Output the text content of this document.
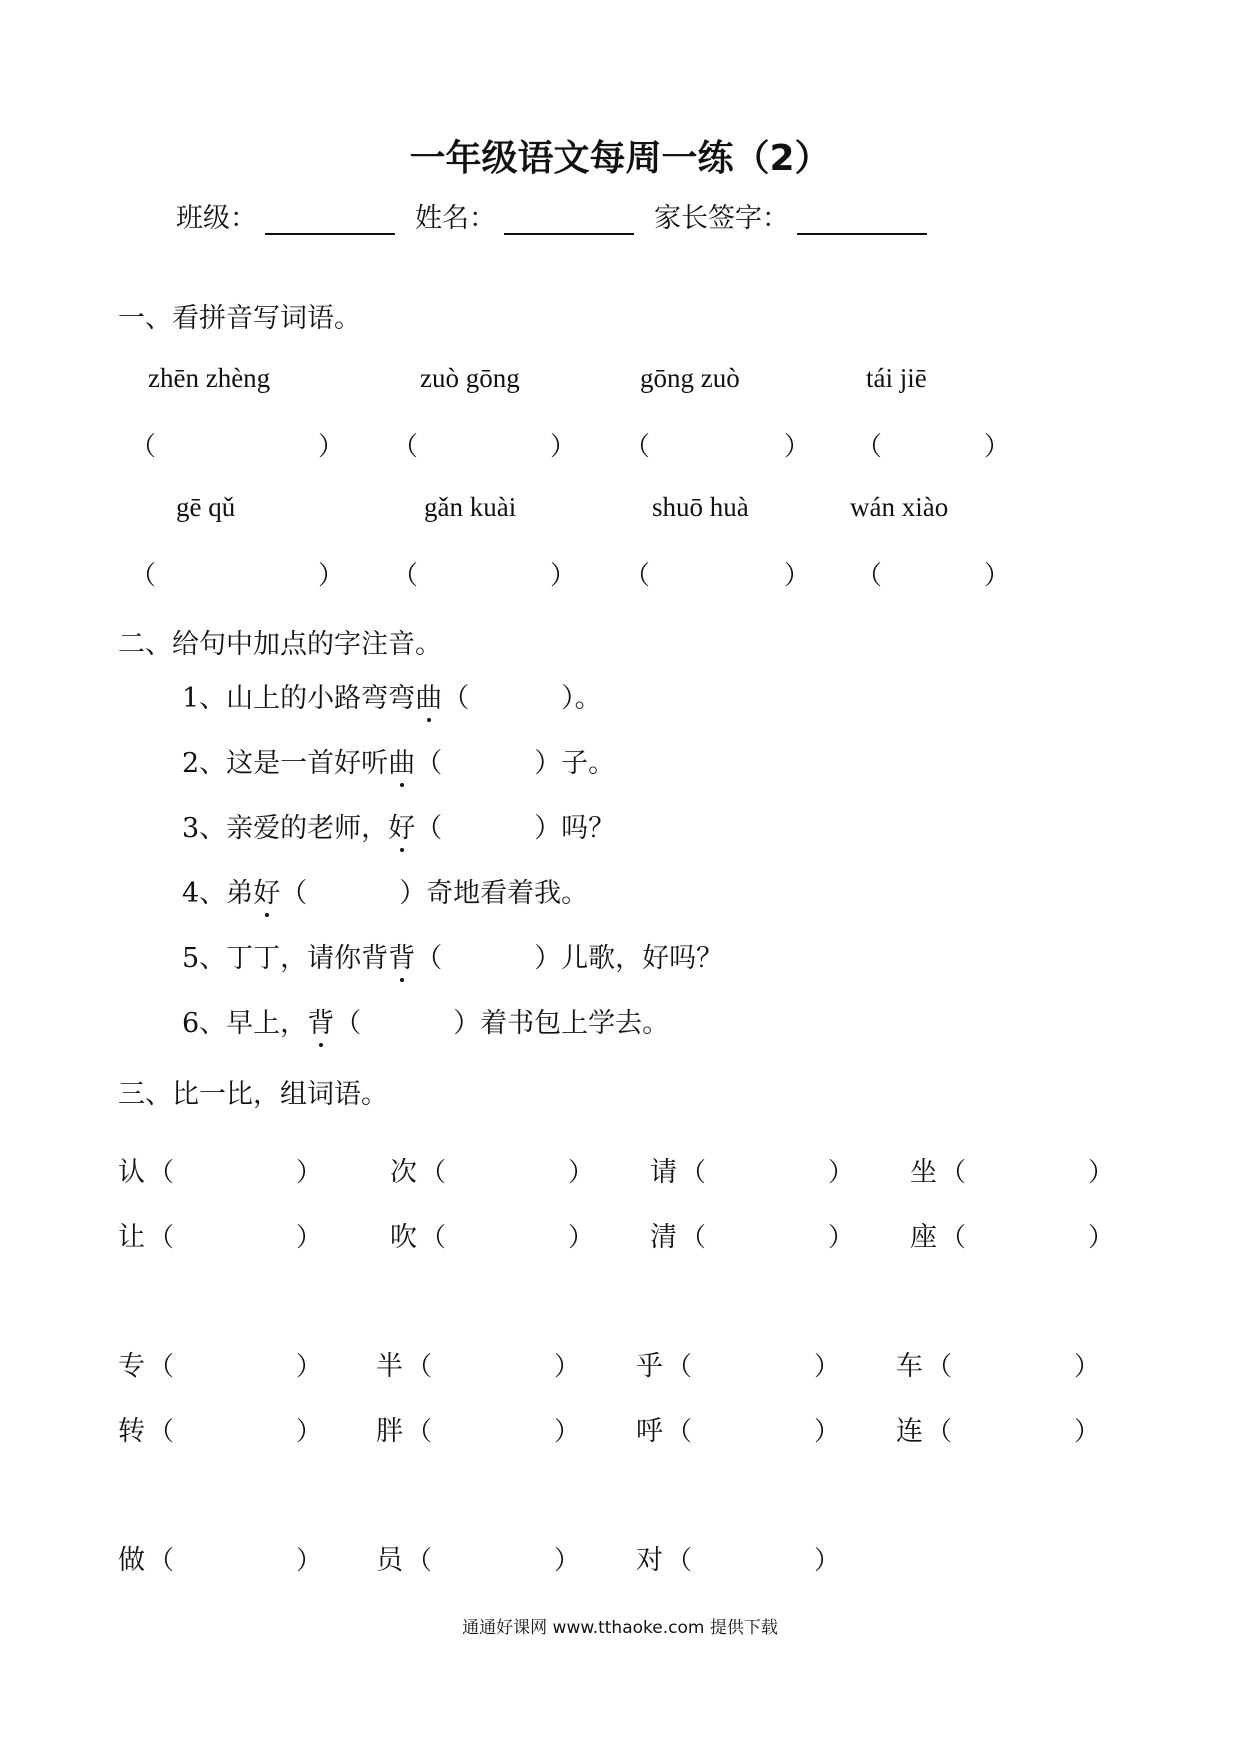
一年级语文每周一练（2）
班级：	姓名：	家长签字：
一、看拼音写词语。
zhēn zhèng	zuò gōng	gōng zuò	tái jiē
（	） （	） （	） （	）
gē qǔ	gǎn kuài	shuō huà	wán xiào
（	） （	） （	） （	）
二、给句中加点的字注音。
1、山上的小路弯弯曲（	）。
2、这是一首好听曲（	）子。
3、亲爱的老师，好（	）吗？
4、弟好（	）奇地看着我。
5、丁丁，请你背背（	）儿歌，好吗？
6、早上，背（	）着书包上学去。
三、比一比，组词语。
认 （	）	次 （	） 请 （	） 坐 （	）
让 （	）	吹 （	） 清 （	） 座 （	）
专 （	） 半 （	） 乎 （	） 车 （	）
转 （	） 胖 （	） 呼 （	） 连 （	）
做 （	） 员 （	） 对 （	）
通通好课网 www.tthaoke.com 提供下载
